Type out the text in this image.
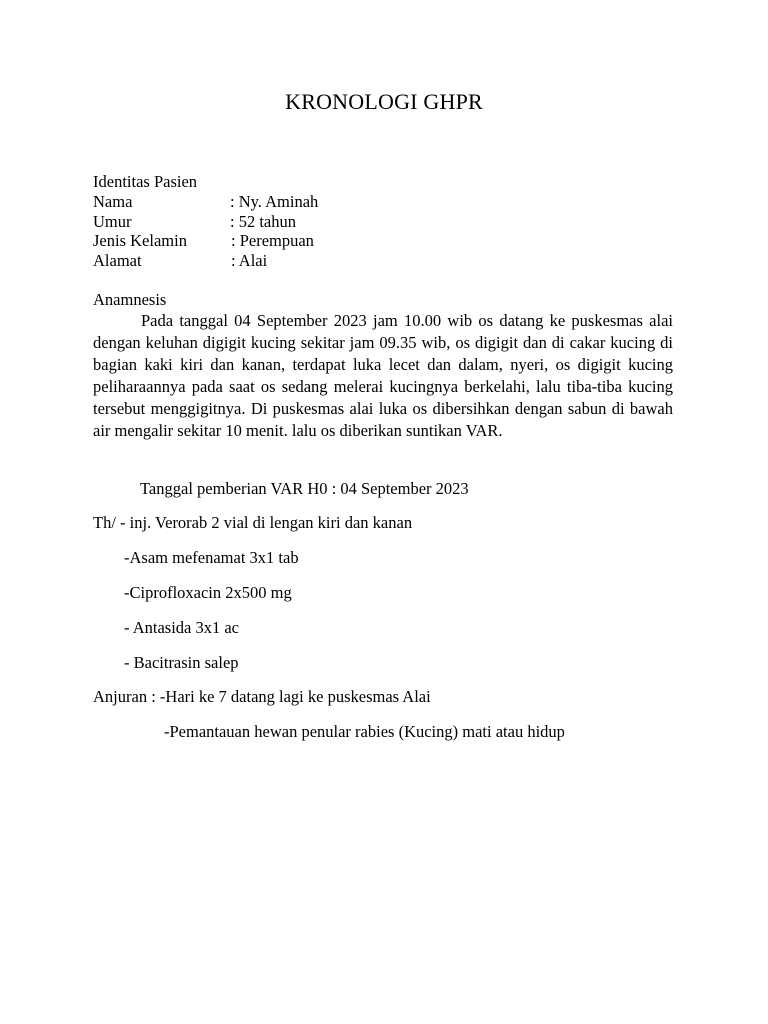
KRONOLOGI GHPR
Identitas Pasien
Nama	: Ny. Aminah
Umur	: 52 tahun
Jenis Kelamin	: Perempuan
Alamat	: Alai
Anamnesis
Pada tanggal 04 September 2023 jam 10.00 wib os datang ke puskesmas alai dengan keluhan digigit kucing sekitar jam 09.35 wib, os digigit dan di cakar kucing di bagian kaki kiri dan kanan, terdapat luka lecet dan dalam, nyeri, os digigit kucing peliharaannya pada saat os sedang melerai kucingnya berkelahi, lalu tiba-tiba kucing tersebut menggigitnya. Di puskesmas alai luka os dibersihkan dengan sabun di bawah air mengalir sekitar 10 menit. lalu os diberikan suntikan VAR.
Tanggal pemberian VAR H0 : 04 September 2023
Th/ - inj. Verorab 2 vial di lengan kiri dan kanan
-Asam mefenamat 3x1 tab
-Ciprofloxacin 2x500 mg
- Antasida 3x1 ac
- Bacitrasin salep
Anjuran : -Hari ke 7 datang lagi ke puskesmas Alai
-Pemantauan hewan penular rabies (Kucing) mati atau hidup
